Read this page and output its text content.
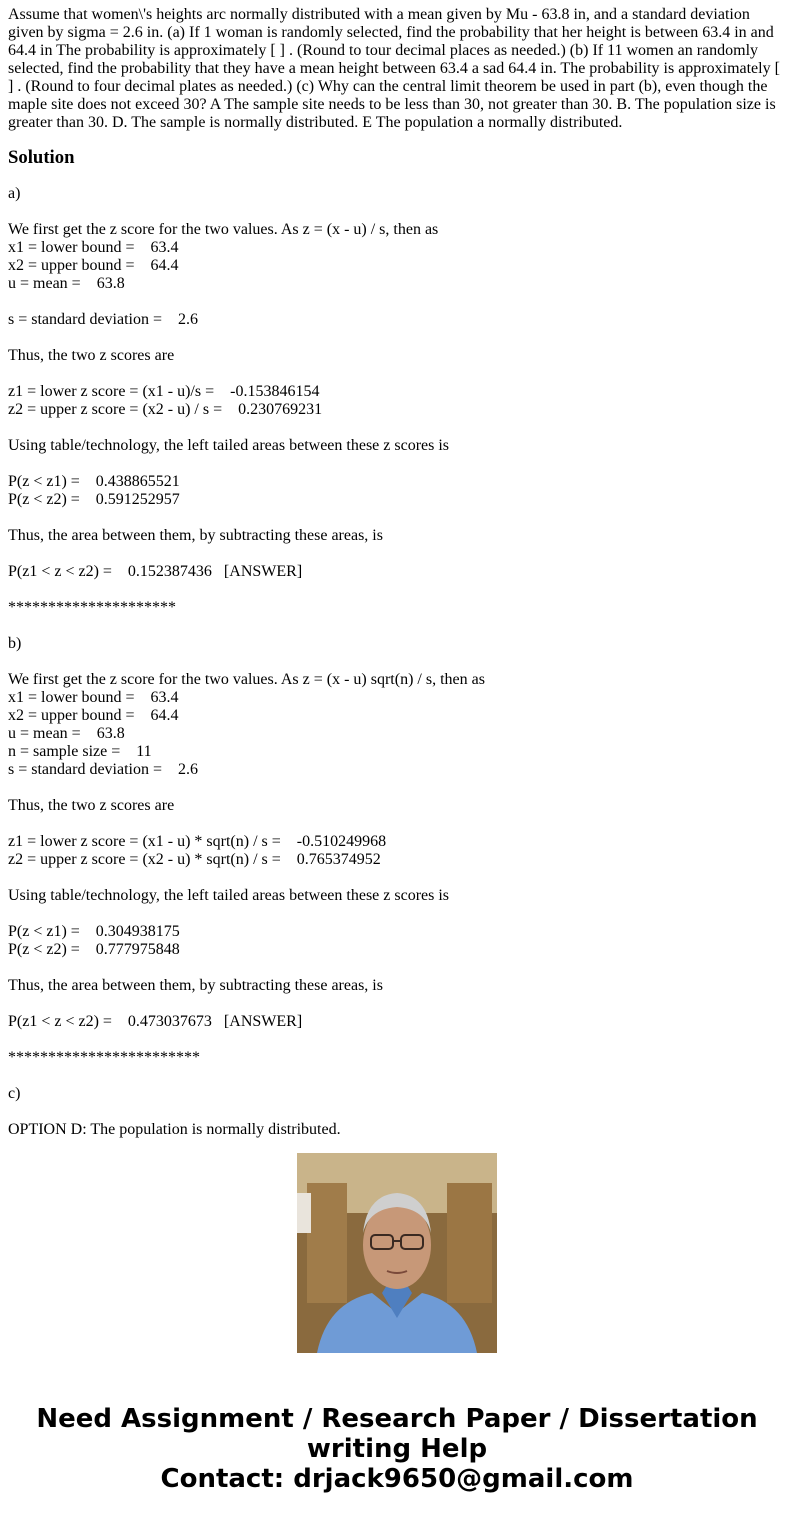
Assume that women\'s heights arc normally distributed with a mean given by Mu - 63.8 in, and a standard deviation given by sigma = 2.6 in. (a) If 1 woman is randomly selected, find the probability that her height is between 63.4 in and 64.4 in The probability is approximately [ ] . (Round to tour decimal places as needed.) (b) If 11 women an randomly selected, find the probability that they have a mean height between 63.4 a sad 64.4 in. The probability is approximately [ ] . (Round to four decimal plates as needed.) (c) Why can the central limit theorem be used in part (b), even though the maple site does not exceed 30? A The sample site needs to be less than 30, not greater than 30. B. The population size is greater than 30. D. The sample is normally distributed. E The population a normally distributed.
Solution
a)

We first get the z score for the two values. As z = (x - u) / s, then as
x1 = lower bound =    63.4
x2 = upper bound =    64.4
u = mean =    63.8

s = standard deviation =    2.6

Thus, the two z scores are

z1 = lower z score = (x1 - u)/s =    -0.153846154
z2 = upper z score = (x2 - u) / s =    0.230769231

Using table/technology, the left tailed areas between these z scores is

P(z < z1) =    0.438865521
P(z < z2) =    0.591252957

Thus, the area between them, by subtracting these areas, is

P(z1 < z < z2) =    0.152387436   [ANSWER]

*********************

b)

We first get the z score for the two values. As z = (x - u) sqrt(n) / s, then as
x1 = lower bound =    63.4
x2 = upper bound =    64.4
u = mean =    63.8
n = sample size =    11
s = standard deviation =    2.6

Thus, the two z scores are

z1 = lower z score = (x1 - u) * sqrt(n) / s =    -0.510249968
z2 = upper z score = (x2 - u) * sqrt(n) / s =    0.765374952

Using table/technology, the left tailed areas between these z scores is

P(z < z1) =    0.304938175
P(z < z2) =    0.777975848

Thus, the area between them, by subtracting these areas, is

P(z1 < z < z2) =    0.473037673   [ANSWER]

************************

c)

OPTION D: The population is normally distributed.
Need Assignment / Research Paper / Dissertation
writing Help
Contact: drjack9650@gmail.com
